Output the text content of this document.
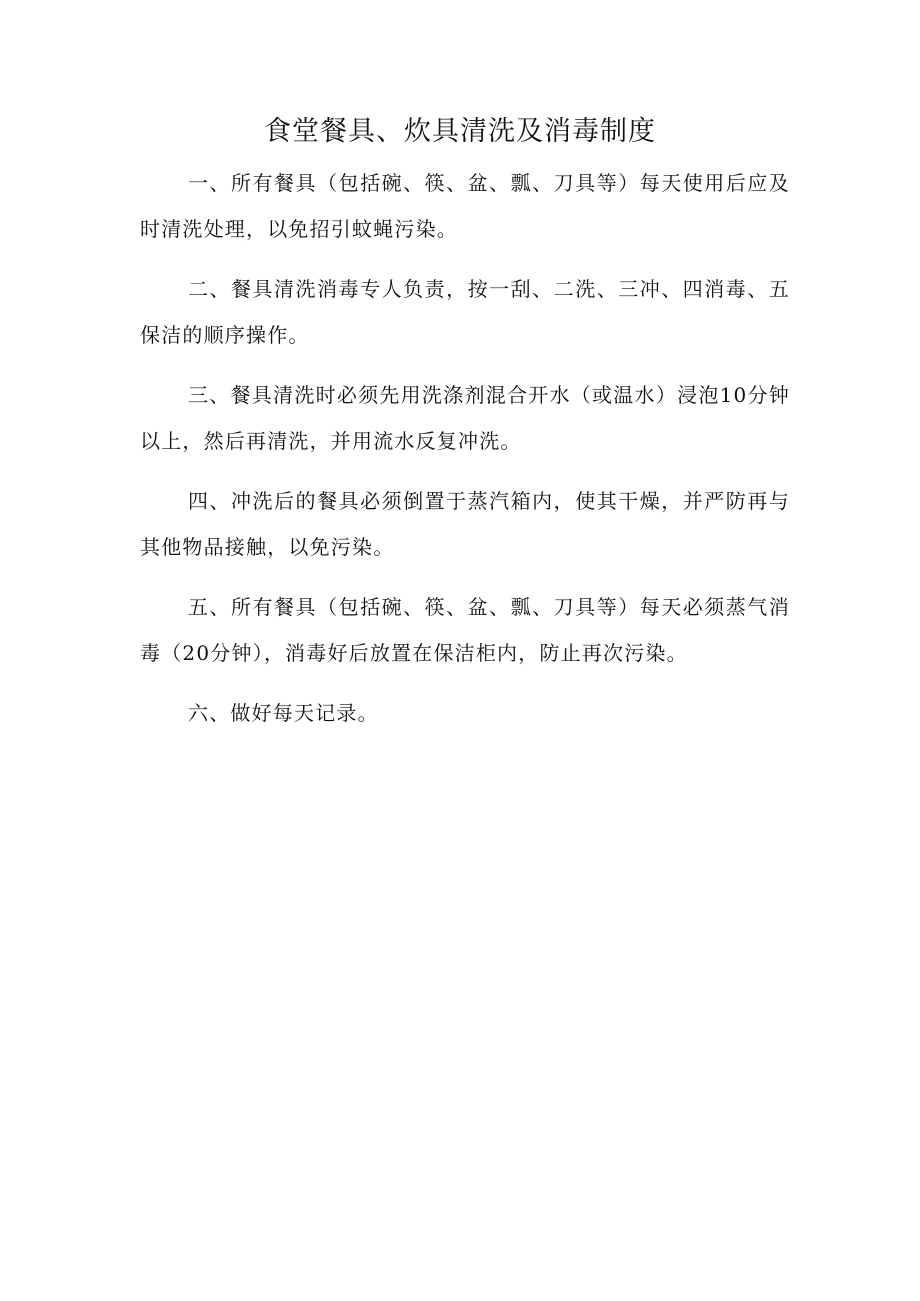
食堂餐具、炊具清洗及消毒制度

一、所有餐具（包括碗、筷、盆、瓢、刀具等）每天使用后应及时清洗处理，以免招引蚊蝇污染。

二、餐具清洗消毒专人负责，按一刮、二洗、三冲、四消毒、五保洁的顺序操作。

三、餐具清洗时必须先用洗涤剂混合开水（或温水）浸泡10分钟以上，然后再清洗，并用流水反复冲洗。

四、冲洗后的餐具必须倒置于蒸汽箱内，使其干燥，并严防再与其他物品接触，以免污染。

五、所有餐具（包括碗、筷、盆、瓢、刀具等）每天必须蒸气消毒（20分钟），消毒好后放置在保洁柜内，防止再次污染。

六、做好每天记录。
